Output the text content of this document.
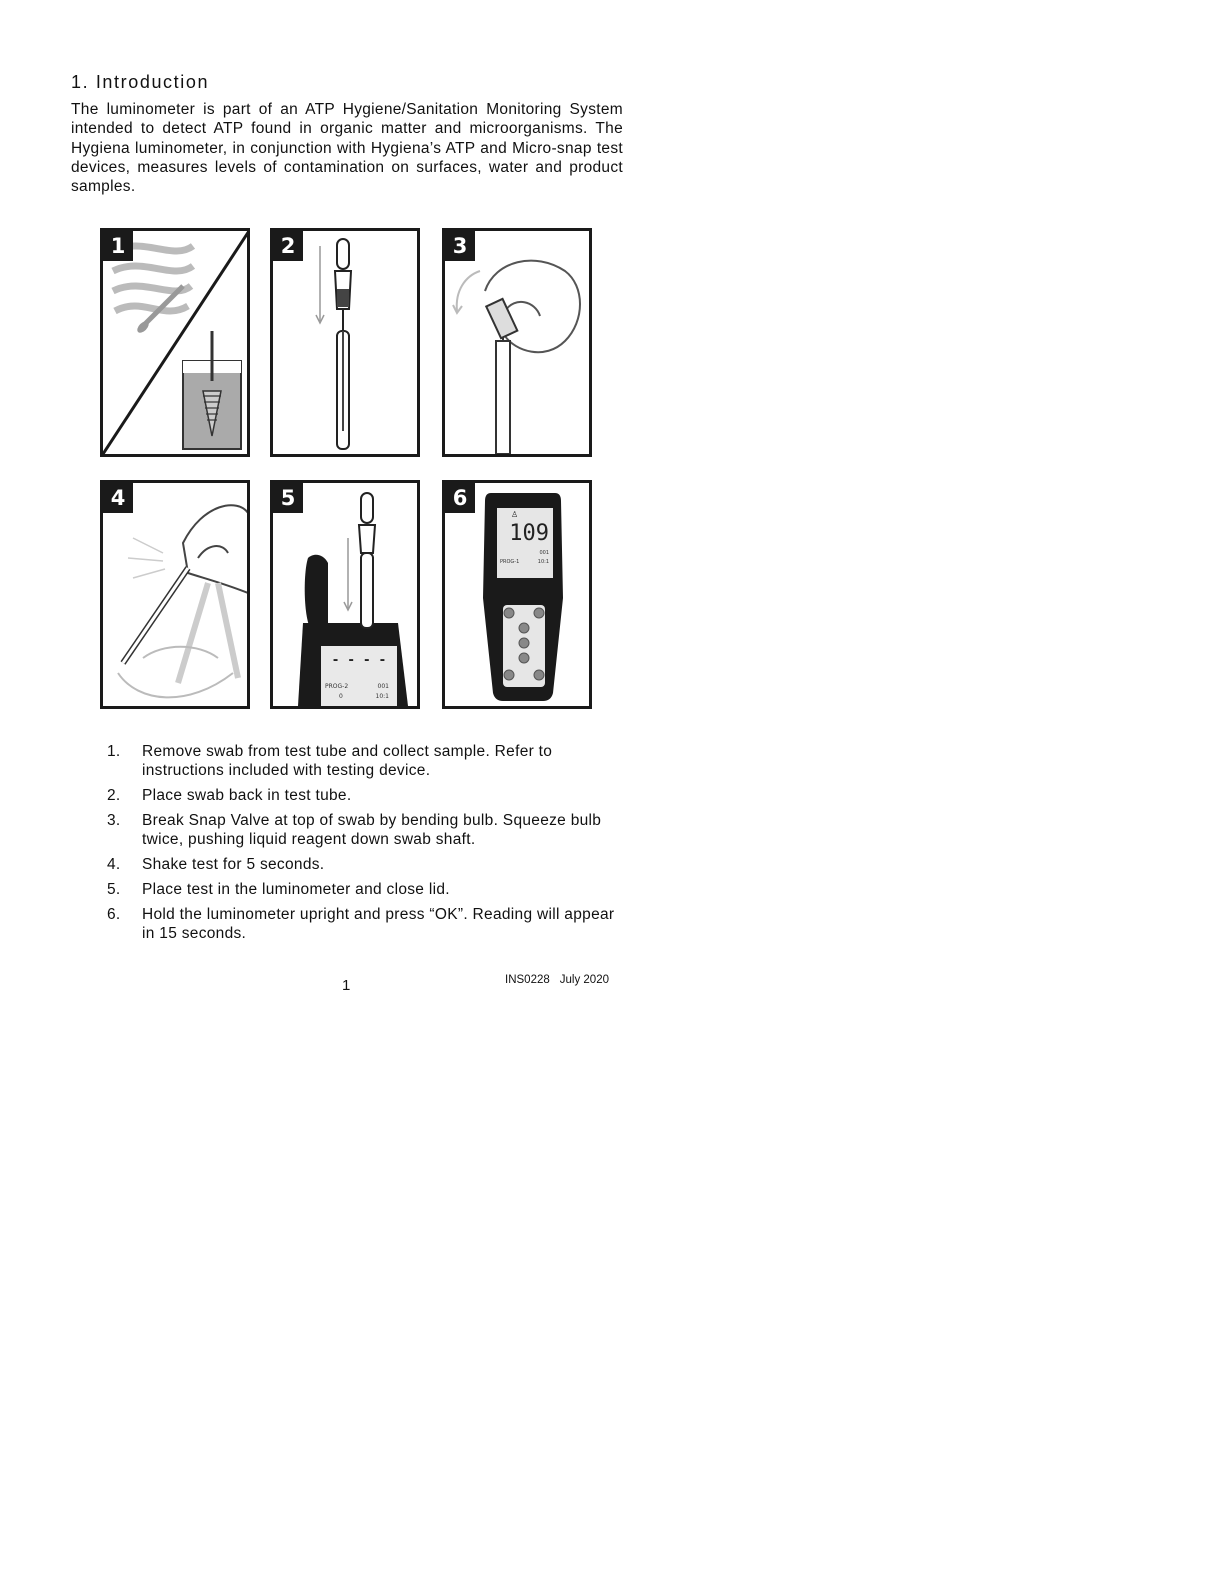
1. Introduction

The luminometer is part of an ATP Hygiene/Sanitation Monitoring System intended to detect ATP found in organic matter and microorganisms. The Hygiena luminometer, in conjunction with Hygiena’s ATP and Micro-snap test devices, measures levels of contamination on surfaces, water and product samples.

1	2	3
4
- - - -
PROG-2	001
0	10:1
5
♙
109
001
PROG-1	10:1
6
1. Remove swab from test tube and collect sample. Refer to instructions included with testing device.
2. Place swab back in test tube.
3. Break Snap Valve at top of swab by bending bulb. Squeeze bulb twice, pushing liquid reagent down swab shaft.
4. Shake test for 5 seconds.
5. Place test in the luminometer and close lid.
6. Hold the luminometer upright and press “OK”. Reading will appear in 15 seconds.
1	INS0228 July 2020
